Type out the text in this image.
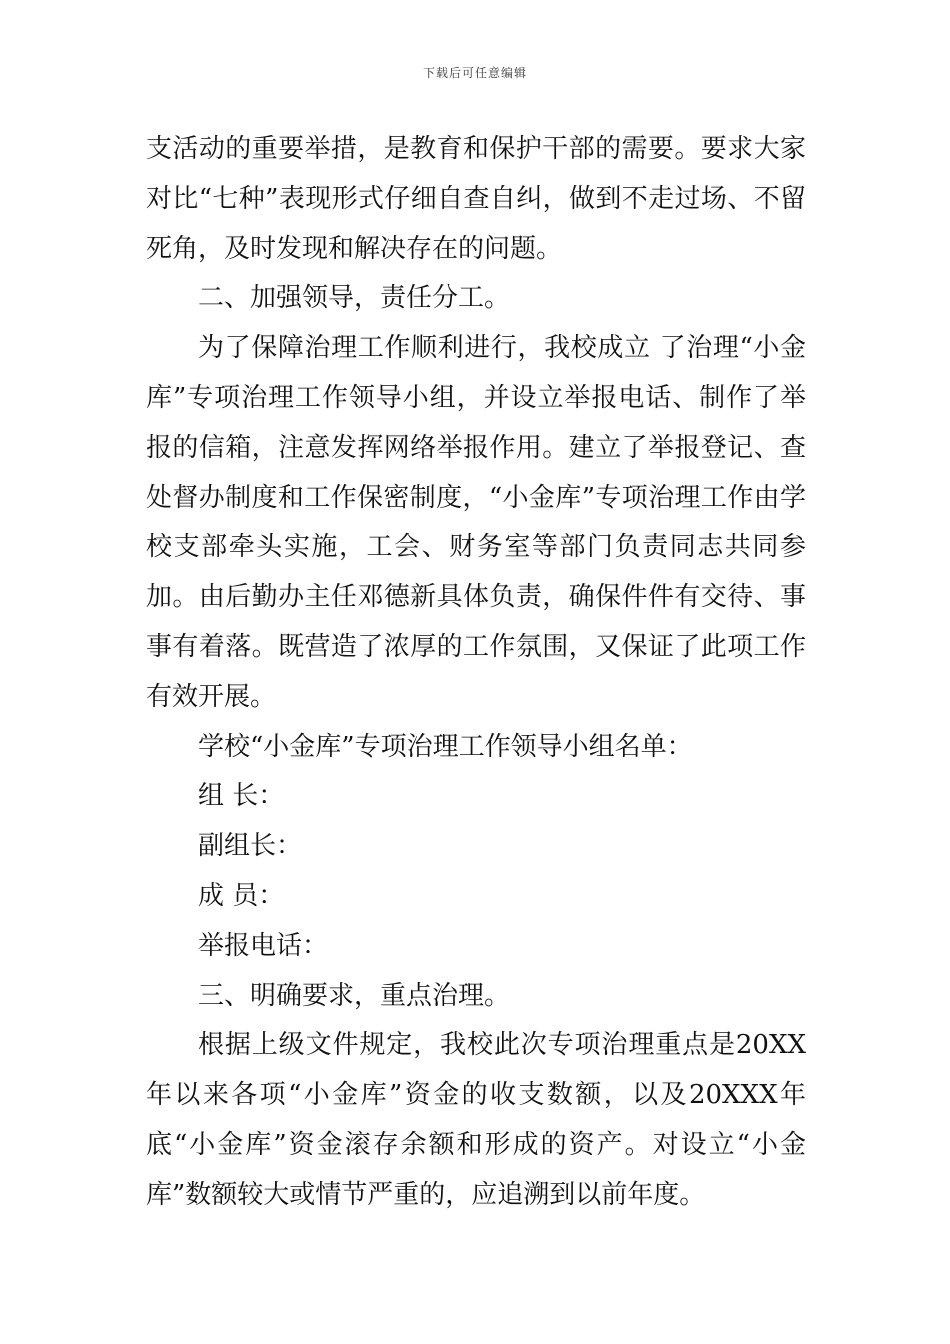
下载后可任意编辑

支活动的重要举措，是教育和保护干部的需要。要求大家对比“七种”表现形式仔细自查自纠，做到不走过场、不留死角，及时发现和解决存在的问题。

二、加强领导，责任分工。

为了保障治理工作顺利进行，我校成立 了治理“小金库”专项治理工作领导小组，并设立举报电话、制作了举报的信箱，注意发挥网络举报作用。建立了举报登记、查处督办制度和工作保密制度，“小金库”专项治理工作由学校支部牵头实施，工会、财务室等部门负责同志共同参加。由后勤办主任邓德新具体负责，确保件件有交待、事事有着落。既营造了浓厚的工作氛围，又保证了此项工作有效开展。

学校“小金库”专项治理工作领导小组名单：

组 长：

副组长：

成 员：

举报电话：

三、明确要求，重点治理。

根据上级文件规定，我校此次专项治理重点是20XX年以来各项“小金库”资金的收支数额，以及20XXX年底“小金库”资金滚存余额和形成的资产。对设立“小金库”数额较大或情节严重的，应追溯到以前年度。
